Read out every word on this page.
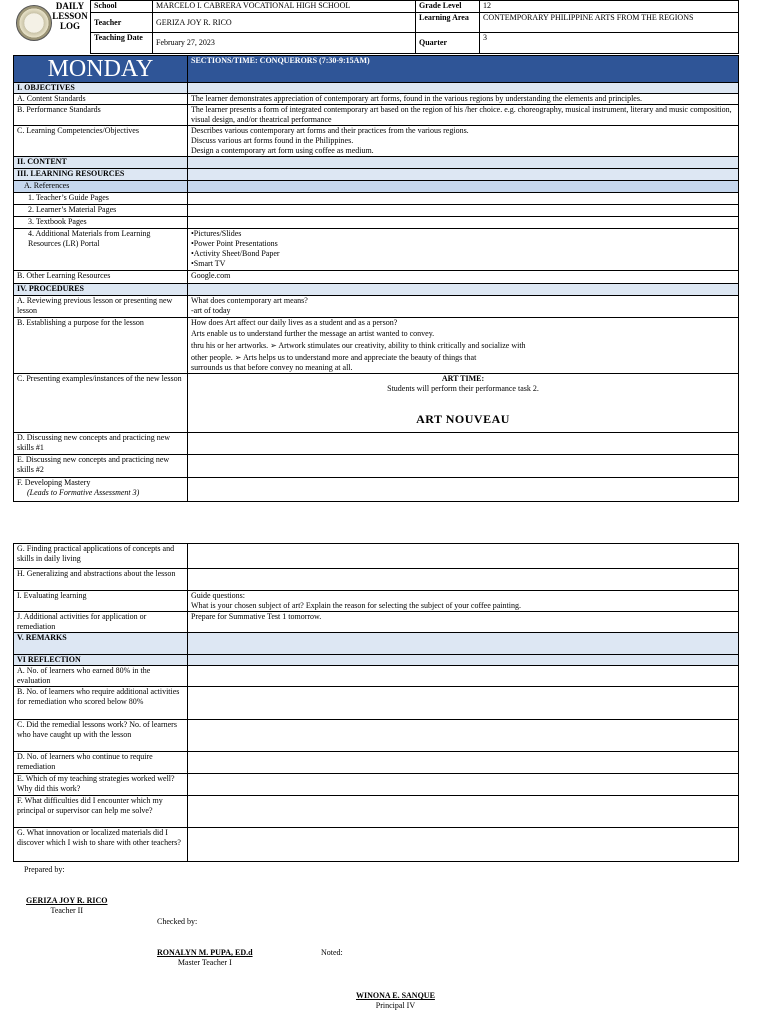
DAILY LESSON LOG
School	MARCELO I. CABRERA VOCATIONAL HIGH SCHOOL	Grade Level	12
Teacher	GERIZA JOY R. RICO	Learning Area	CONTEMPORARY PHILIPPINE ARTS FROM THE REGIONS
Teaching Date	February 27, 2023	Quarter	3
MONDAY	SECTIONS/TIME: CONQUERORS (7:30-9:15AM)
I. OBJECTIVES	
A. Content Standards	The learner demonstrates appreciation of contemporary art forms, found in the various regions by understanding the elements and principles.
B. Performance Standards	The learner presents a form of integrated contemporary art based on the region of his /her choice. e.g. choreography, musical instrument, literary and music composition, visual design, and/or theatrical performance
C. Learning Competencies/Objectives	Describes various contemporary art forms and their practices from the various regions.
Discuss various art forms found in the Philippines.
Design a contemporary art form using coffee as medium.

II. CONTENT	
III. LEARNING RESOURCES	
A. References	
1. Teacher’s Guide Pages	
2. Learner’s Material Pages	
3. Textbook Pages	
4. Additional Materials from Learning Resources (LR) Portal	•Pictures/Slides
•Power Point Presentations
•Activity Sheet/Bond Paper
•Smart TV

B. Other Learning Resources	Google.com
IV. PROCEDURES	
A. Reviewing previous lesson or presenting new lesson	What does contemporary art means?
-art of today

B. Establishing a purpose for the lesson	How does Art affect our daily lives as a student and as a person?
Arts enable us to understand further the message an artist wanted to convey.
thru his or her artworks. ➢ Artwork stimulates our creativity, ability to think critically and socialize with
other people. ➢ Arts helps us to understand more and appreciate the beauty of things that
surrounds us that before convey no meaning at all.

C. Presenting examples/instances of the new lesson	ART TIME:
Students will perform their performance task 2.
ART NOUVEAU

D. Discussing new concepts and practicing new skills #1	
E. Discussing new concepts and practicing new skills #2	

F. Developing Mastery
(Leads to Formative Assessment 3)	

G. Finding practical applications of concepts and skills in daily living	
H. Generalizing and abstractions about the lesson	
I. Evaluating learning	Guide questions:
What is your chosen subject of art? Explain the reason for selecting the subject of your coffee painting.

J. Additional activities for application or remediation	Prepare for Summative Test 1 tomorrow.
V. REMARKS	
VI REFLECTION	
A. No. of learners who earned 80% in the evaluation	
B. No. of learners who require additional activities for remediation who scored below 80%	
C. Did the remedial lessons work? No. of learners who have caught up with the lesson	
D. No. of learners who continue to require remediation	
E. Which of my teaching strategies worked well? Why did this work?	
F. What difficulties did I encounter which my principal or supervisor can help me solve?	
G. What innovation or localized materials did I discover which I wish to share with other teachers?	
Prepared by:
GERIZA JOY R. RICO
Teacher II
Checked by:
RONALYN M. PUPA, ED.d
Master Teacher I
Noted:
WINONA E. SANQUE
Principal IV
